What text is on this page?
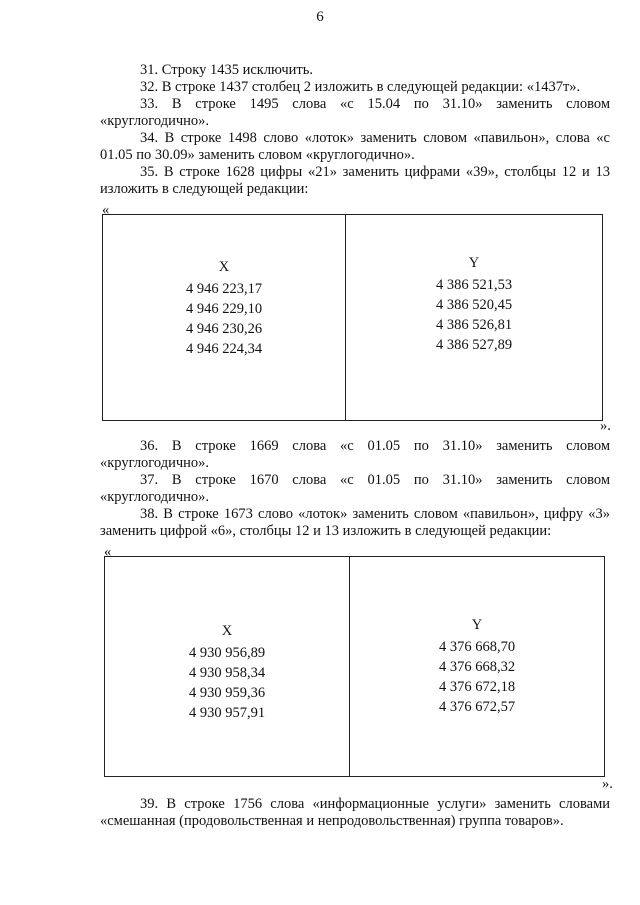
6

31. Строку 1435 исключить.

32. В строке 1437 столбец 2 изложить в следующей редакции: «1437т».

33. В строке 1495 слова «с 15.04 по 31.10» заменить словом «круглогодично».

34. В строке 1498 слово «лоток» заменить словом «павильон», слова «с 01.05 по 30.09» заменить словом «круглогодично».

35. В строке 1628 цифры «21» заменить цифрами «39», столбцы 12 и 13 изложить в следующей редакции:

«
X
4 946 223,17
4 946 229,10
4 946 230,26
4 946 224,34
Y
4 386 521,53
4 386 520,45
4 386 526,81
4 386 527,89
».

36. В строке 1669 слова «с 01.05 по 31.10» заменить словом «круглогодично».

37. В строке 1670 слова «с 01.05 по 31.10» заменить словом «круглогодично».

38. В строке 1673 слово «лоток» заменить словом «павильон», цифру «3» заменить цифрой «6», столбцы 12 и 13 изложить в следующей редакции:

«
X
4 930 956,89
4 930 958,34
4 930 959,36
4 930 957,91
Y
4 376 668,70
4 376 668,32
4 376 672,18
4 376 672,57
».

39. В строке 1756 слова «информационные услуги» заменить словами «смешанная (продовольственная и непродовольственная) группа товаров».
